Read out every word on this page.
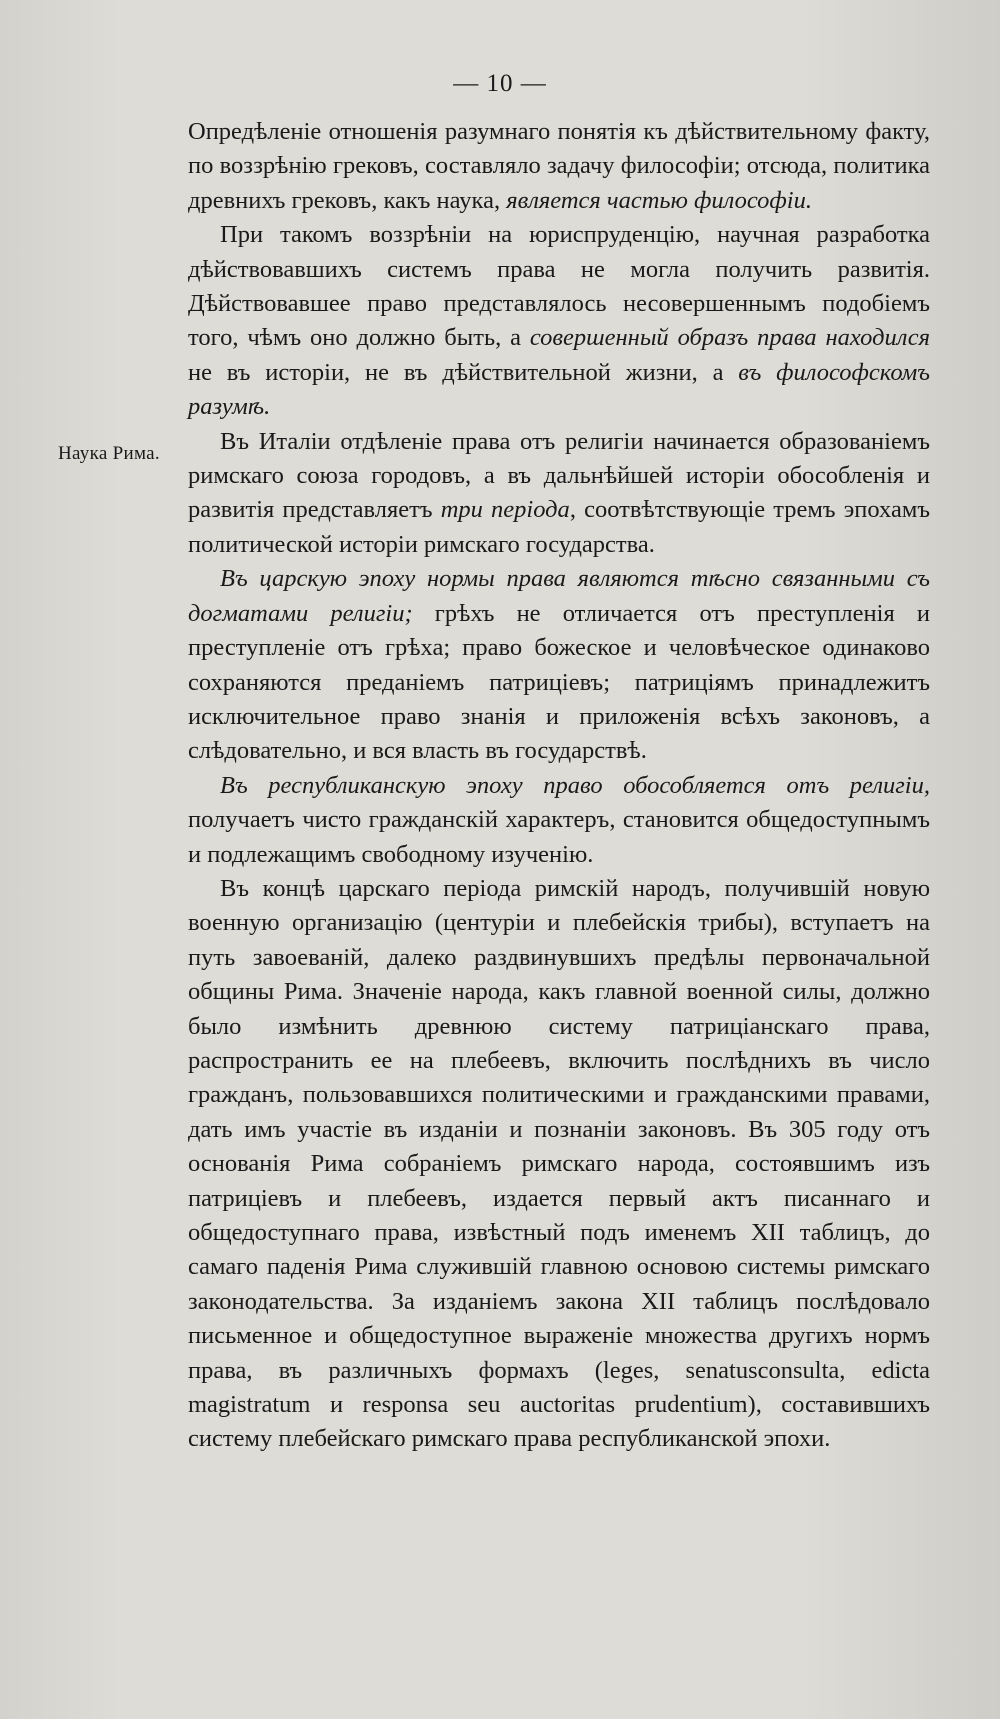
— 10 —
Наука Рима.

Опредѣленіе отношенія разумнаго понятія къ дѣйствительному факту, по воззрѣнію грековъ, составляло задачу философіи; отсюда, политика древнихъ грековъ, какъ наука, является частью философіи.

При такомъ воззрѣніи на юриспруденцію, научная разработка дѣйствовавшихъ системъ права не могла получить развитія. Дѣйствовавшее право представлялось несовершеннымъ подобіемъ того, чѣмъ оно должно быть, а совершенный образъ права находился не въ исторіи, не въ дѣйствительной жизни, а въ философскомъ разумѣ.

Въ Италіи отдѣленіе права отъ религіи начинается образованіемъ римскаго союза городовъ, а въ дальнѣйшей исторіи обособленія и развитія представляетъ три періода, соотвѣтствующіе тремъ эпохамъ политической исторіи римскаго государства.

Въ царскую эпоху нормы права являются тѣсно связанными съ догматами религіи; грѣхъ не отличается отъ преступленія и преступленіе отъ грѣха; право божеское и человѣческое одинаково сохраняются преданіемъ патриціевъ; патриціямъ принадлежитъ исключительное право знанія и приложенія всѣхъ законовъ, а слѣдовательно, и вся власть въ государствѣ.

Въ республиканскую эпоху право обособляется отъ религіи, получаетъ чисто гражданскій характеръ, становится общедоступнымъ и подлежащимъ свободному изученію.

Въ концѣ царскаго періода римскій народъ, получившій новую военную организацію (центуріи и плебейскія трибы), вступаетъ на путь завоеваній, далеко раздвинувшихъ предѣлы первоначальной общины Рима. Значеніе народа, какъ главной военной силы, должно было измѣнить древнюю систему патриціанскаго права, распространить ее на плебеевъ, включить послѣднихъ въ число гражданъ, пользовавшихся политическими и гражданскими правами, дать имъ участіе въ изданіи и познаніи законовъ. Въ 305 году отъ основанія Рима собраніемъ римскаго народа, состоявшимъ изъ патриціевъ и плебеевъ, издается первый актъ писаннаго и общедоступнаго права, извѣстный подъ именемъ XII таблицъ, до самаго паденія Рима служившій главною основою системы римскаго законодательства. За изданіемъ закона XII таблицъ послѣдовало письменное и общедоступное выраженіе множества другихъ нормъ права, въ различныхъ формахъ (leges, senatusconsulta, edicta magistratum и responsa seu auctoritas prudentium), составившихъ систему плебейскаго римскаго права республиканской эпохи.
